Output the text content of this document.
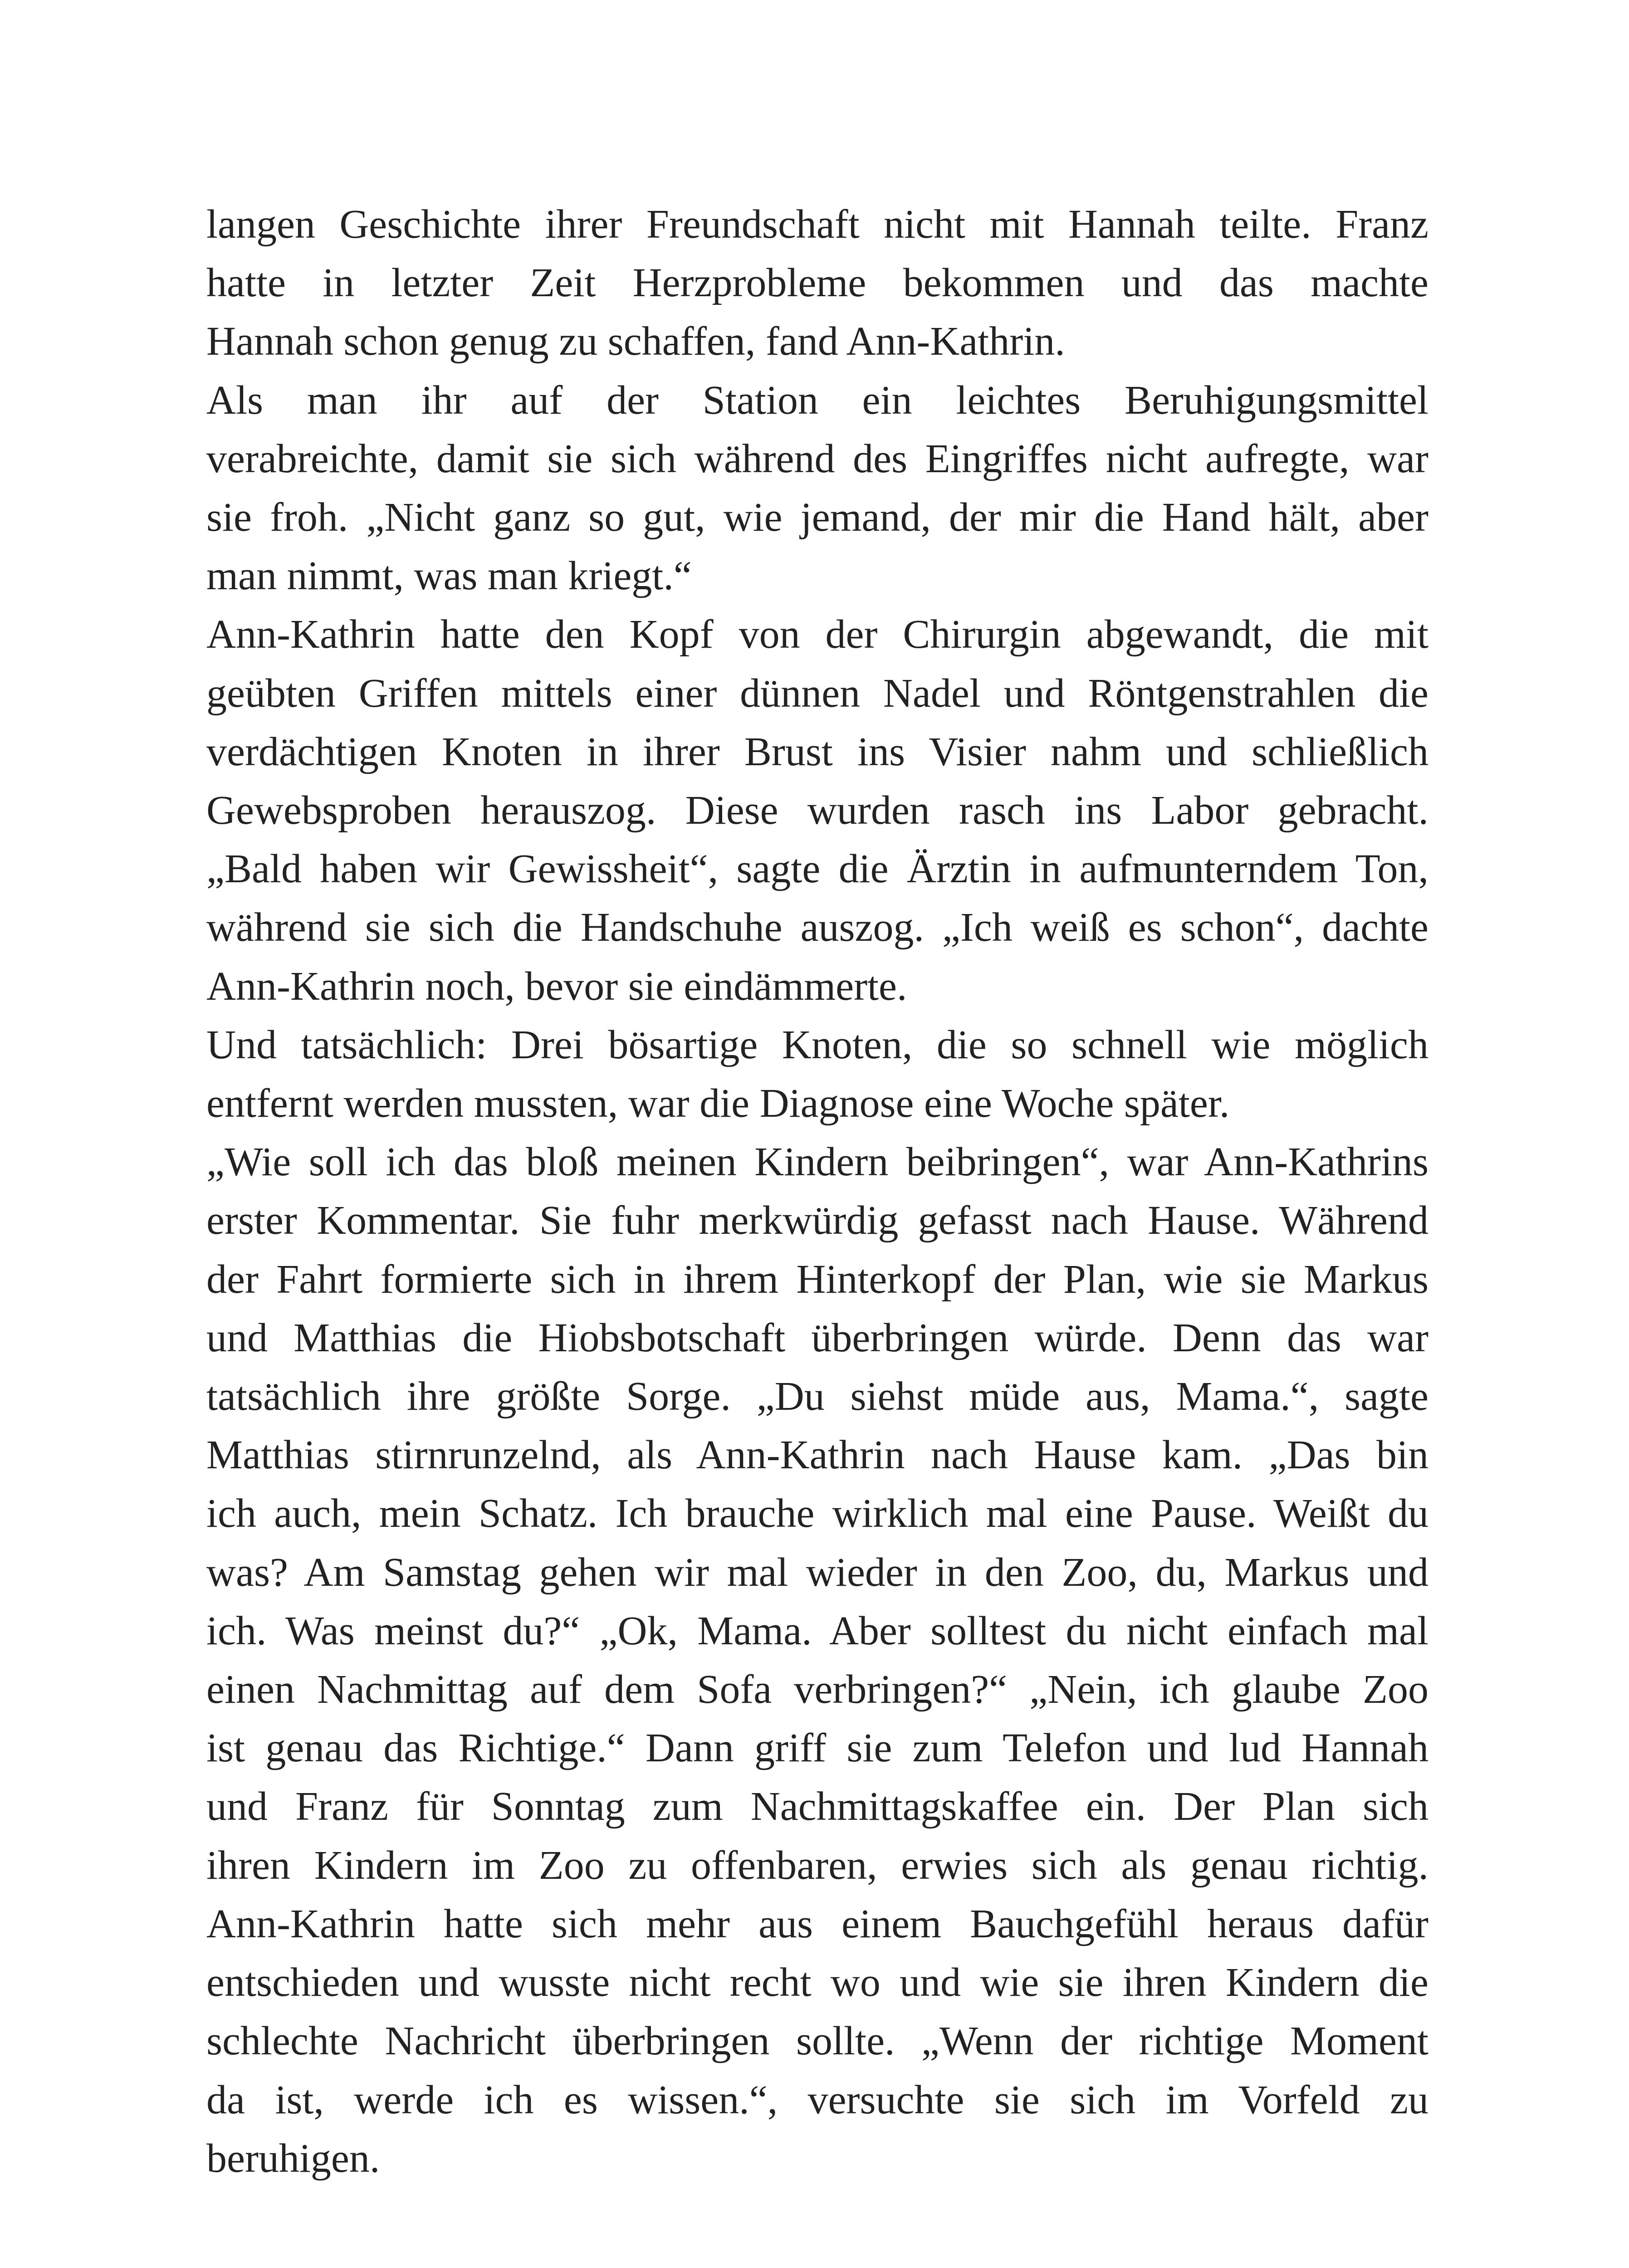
langen Geschichte ihrer Freundschaft nicht mit Hannah teilte. Franz
hatte in letzter Zeit Herzprobleme bekommen und das machte
Hannah schon genug zu schaffen, fand Ann-Kathrin.
Als man ihr auf der Station ein leichtes Beruhigungsmittel
verabreichte, damit sie sich während des Eingriffes nicht aufregte, war
sie froh. „Nicht ganz so gut, wie jemand, der mir die Hand hält, aber
man nimmt, was man kriegt.“
Ann-Kathrin hatte den Kopf von der Chirurgin abgewandt, die mit
geübten Griffen mittels einer dünnen Nadel und Röntgenstrahlen die
verdächtigen Knoten in ihrer Brust ins Visier nahm und schließlich
Gewebsproben herauszog. Diese wurden rasch ins Labor gebracht.
„Bald haben wir Gewissheit“, sagte die Ärztin in aufmunterndem Ton,
während sie sich die Handschuhe auszog. „Ich weiß es schon“, dachte
Ann-Kathrin noch, bevor sie eindämmerte.
Und tatsächlich: Drei bösartige Knoten, die so schnell wie möglich
entfernt werden mussten, war die Diagnose eine Woche später.
„Wie soll ich das bloß meinen Kindern beibringen“, war Ann-Kathrins
erster Kommentar. Sie fuhr merkwürdig gefasst nach Hause. Während
der Fahrt formierte sich in ihrem Hinterkopf der Plan, wie sie Markus
und Matthias die Hiobsbotschaft überbringen würde. Denn das war
tatsächlich ihre größte Sorge. „Du siehst müde aus, Mama.“, sagte
Matthias stirnrunzelnd, als Ann-Kathrin nach Hause kam. „Das bin
ich auch, mein Schatz. Ich brauche wirklich mal eine Pause. Weißt du
was? Am Samstag gehen wir mal wieder in den Zoo, du, Markus und
ich. Was meinst du?“ „Ok, Mama. Aber solltest du nicht einfach mal
einen Nachmittag auf dem Sofa verbringen?“ „Nein, ich glaube Zoo
ist genau das Richtige.“ Dann griff sie zum Telefon und lud Hannah
und Franz für Sonntag zum Nachmittagskaffee ein. Der Plan sich
ihren Kindern im Zoo zu offenbaren, erwies sich als genau richtig.
Ann-Kathrin hatte sich mehr aus einem Bauchgefühl heraus dafür
entschieden und wusste nicht recht wo und wie sie ihren Kindern die
schlechte Nachricht überbringen sollte. „Wenn der richtige Moment
da ist, werde ich es wissen.“, versuchte sie sich im Vorfeld zu
beruhigen.
